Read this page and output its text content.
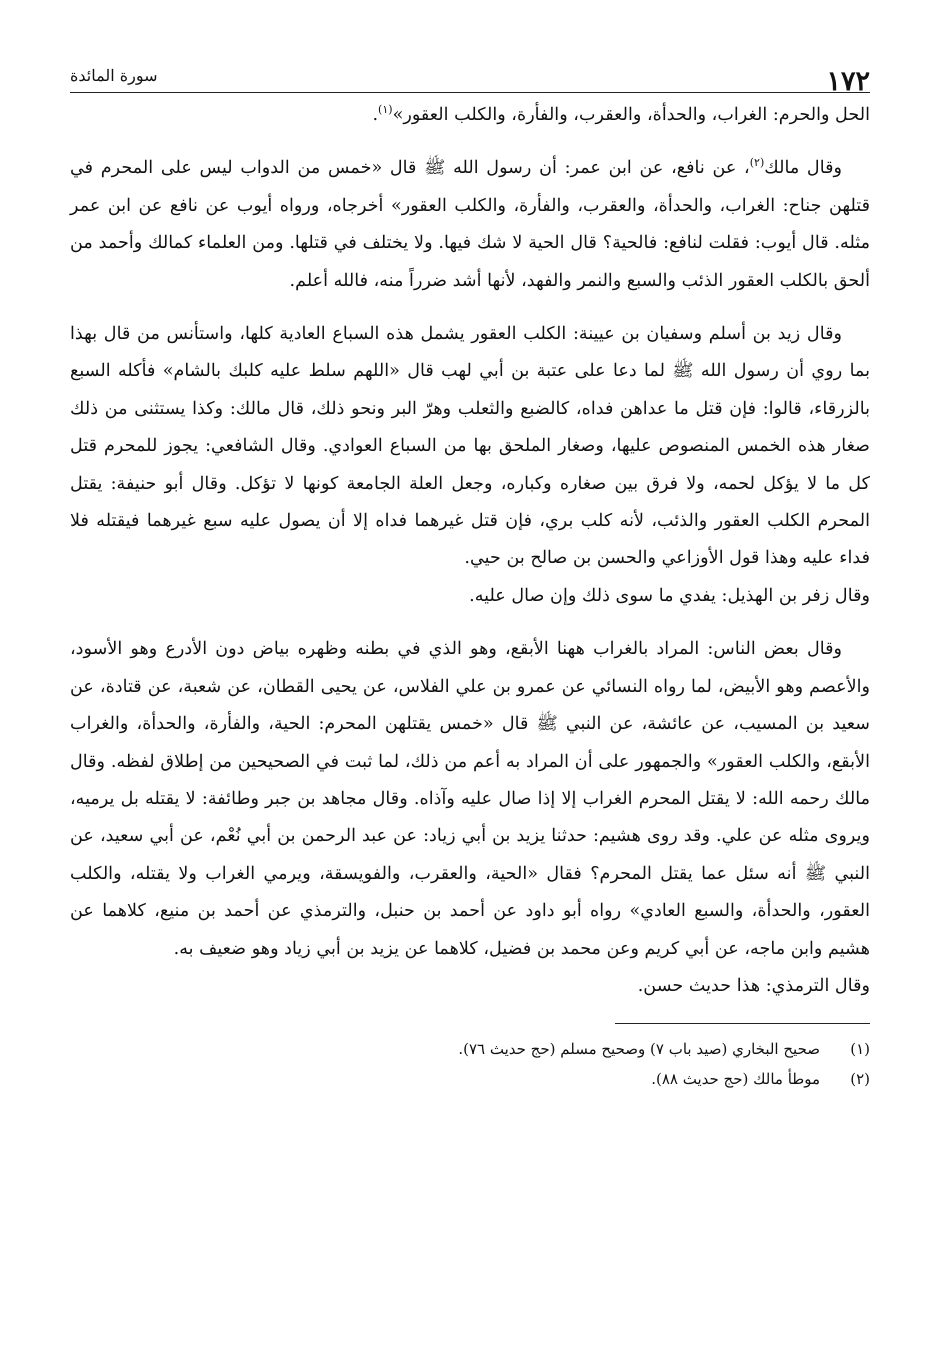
١٧٢
سورة المائدة

الحل والحرم: الغراب، والحدأة، والعقرب، والفأرة، والكلب العقور»$^{(١)}$.

وقال مالك$^{(٢)}$، عن نافع، عن ابن عمر: أن رسول الله ﷺ قال «خمس من الدواب ليس على المحرم في قتلهن جناح: الغراب، والحدأة، والعقرب، والفأرة، والكلب العقور» أخرجاه، ورواه أيوب عن نافع عن ابن عمر مثله. قال أيوب: فقلت لنافع: فالحية؟ قال الحية لا شك فيها. ولا يختلف في قتلها. ومن العلماء كمالك وأحمد من ألحق بالكلب العقور الذئب والسبع والنمر والفهد، لأنها أشد ضرراً منه، فالله أعلم.

وقال زيد بن أسلم وسفيان بن عيينة: الكلب العقور يشمل هذه السباع العادية كلها، واستأنس من قال بهذا بما روي أن رسول الله ﷺ لما دعا على عتبة بن أبي لهب قال «اللهم سلط عليه كلبك بالشام» فأكله السبع بالزرقاء، قالوا: فإن قتل ما عداهن فداه، كالضبع والثعلب وهرّ البر ونحو ذلك، قال مالك: وكذا يستثنى من ذلك صغار هذه الخمس المنصوص عليها، وصغار الملحق بها من السباع العوادي. وقال الشافعي: يجوز للمحرم قتل كل ما لا يؤكل لحمه، ولا فرق بين صغاره وكباره، وجعل العلة الجامعة كونها لا تؤكل. وقال أبو حنيفة: يقتل المحرم الكلب العقور والذئب، لأنه كلب بري، فإن قتل غيرهما فداه إلا أن يصول عليه سبع غيرهما فيقتله فلا فداء عليه وهذا قول الأوزاعي والحسن بن صالح بن حيي.

وقال زفر بن الهذيل: يفدي ما سوى ذلك وإن صال عليه.

وقال بعض الناس: المراد بالغراب ههنا الأبقع، وهو الذي في بطنه وظهره بياض دون الأدرع وهو الأسود، والأعصم وهو الأبيض، لما رواه النسائي عن عمرو بن علي الفلاس، عن يحيى القطان، عن شعبة، عن قتادة، عن سعيد بن المسيب، عن عائشة، عن النبي ﷺ قال «خمس يقتلهن المحرم: الحية، والفأرة، والحدأة، والغراب الأبقع، والكلب العقور» والجمهور على أن المراد به أعم من ذلك، لما ثبت في الصحيحين من إطلاق لفظه. وقال مالك رحمه الله: لا يقتل المحرم الغراب إلا إذا صال عليه وآذاه. وقال مجاهد بن جبر وطائفة: لا يقتله بل يرميه، ويروى مثله عن علي. وقد روى هشيم: حدثنا يزيد بن أبي زياد: عن عبد الرحمن بن أبي نُعْم، عن أبي سعيد، عن النبي ﷺ أنه سئل عما يقتل المحرم؟ فقال «الحية، والعقرب، والفويسقة، ويرمي الغراب ولا يقتله، والكلب العقور، والحدأة، والسبع العادي» رواه أبو داود عن أحمد بن حنبل، والترمذي عن أحمد بن منيع، كلاهما عن هشيم وابن ماجه، عن أبي كريم وعن محمد بن فضيل، كلاهما عن يزيد بن أبي زياد وهو ضعيف به.

وقال الترمذي: هذا حديث حسن.

(١)
صحيح البخاري (صيد باب ٧) وصحيح مسلم (حج حديث ٧٦).
(٢)
موطأ مالك (حج حديث ٨٨).
